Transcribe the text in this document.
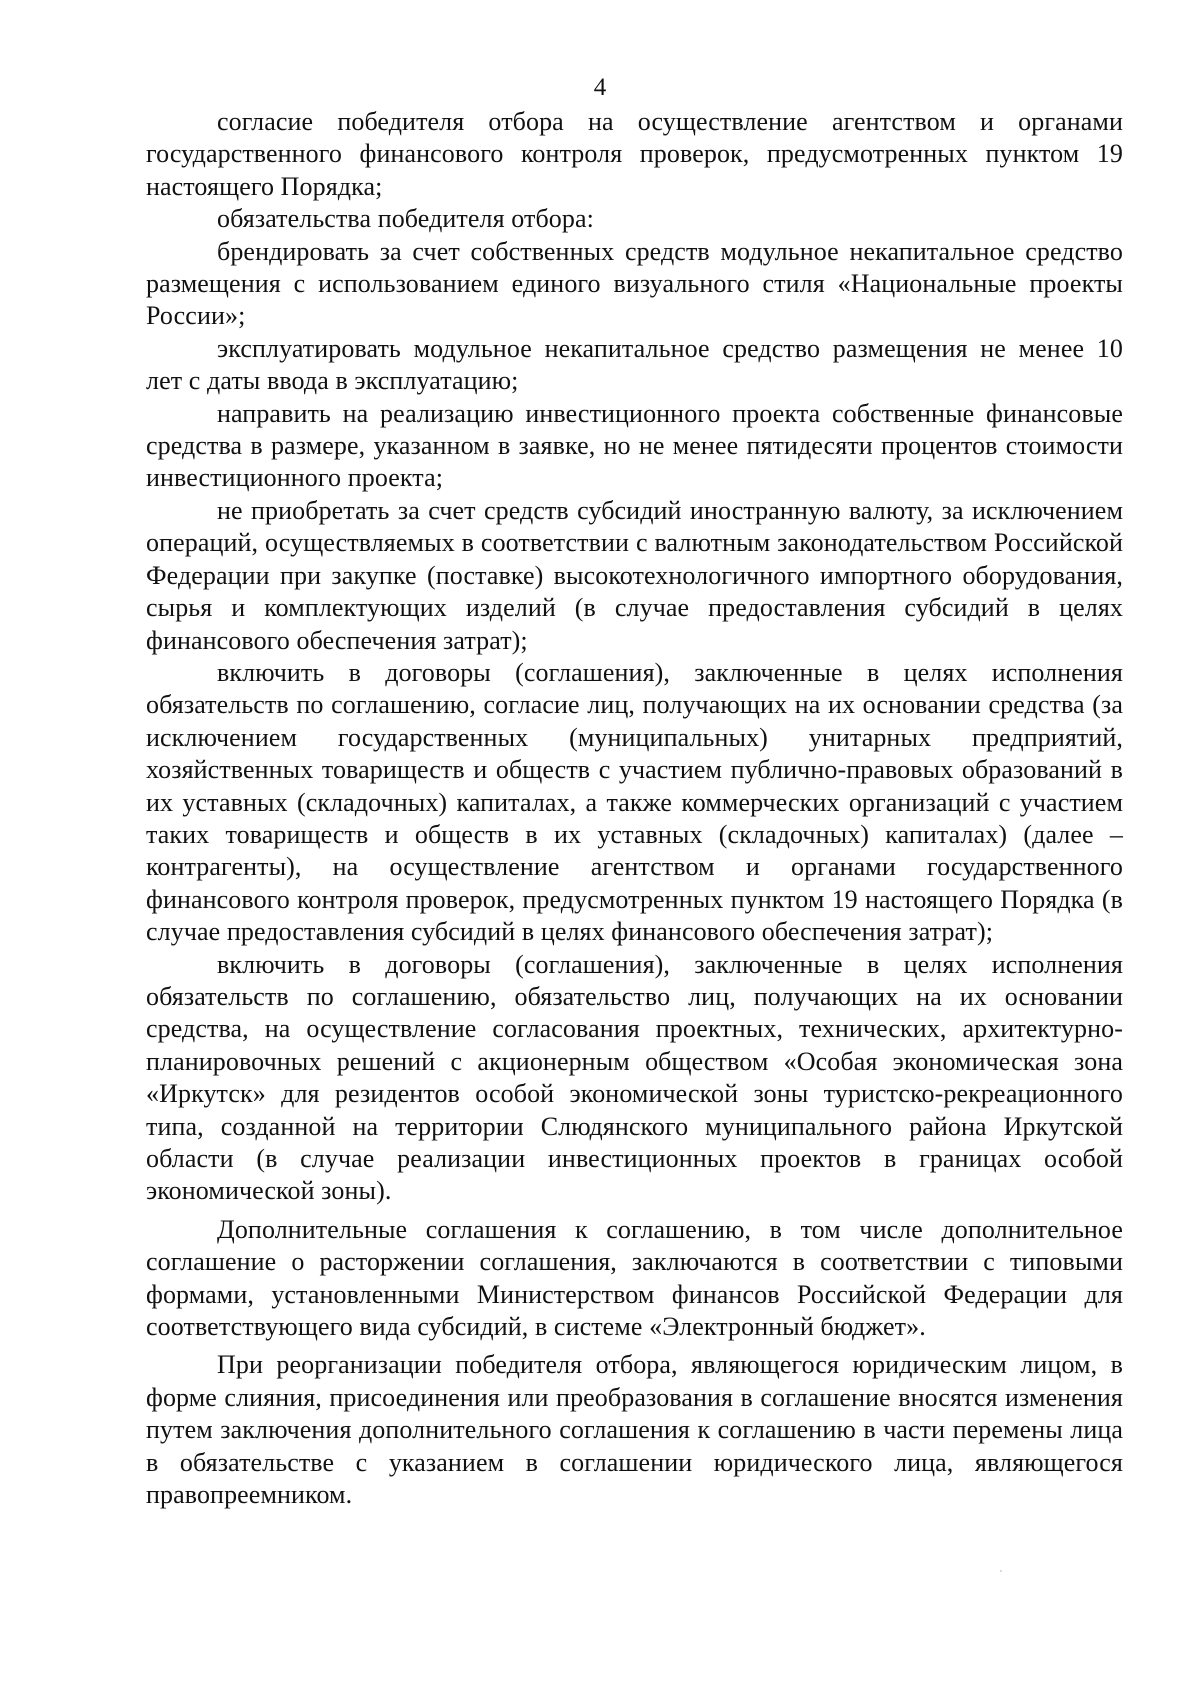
4

согласие победителя отбора на осуществление агентством и органами государственного финансового контроля проверок, предусмотренных пунктом 19 настоящего Порядка;

обязательства победителя отбора:

брендировать за счет собственных средств модульное некапитальное средство размещения с использованием единого визуального стиля «Национальные проекты России»;

эксплуатировать модульное некапитальное средство размещения не менее 10 лет с даты ввода в эксплуатацию;

направить на реализацию инвестиционного проекта собственные финансовые средства в размере, указанном в заявке, но не менее пятидесяти процентов стоимости инвестиционного проекта;

не приобретать за счет средств субсидий иностранную валюту, за исключением операций, осуществляемых в соответствии с валютным законодательством Российской Федерации при закупке (поставке) высокотехнологичного импортного оборудования, сырья и комплектующих изделий (в случае предоставления субсидий в целях финансового обеспечения затрат);

включить в договоры (соглашения), заключенные в целях исполнения обязательств по соглашению, согласие лиц, получающих на их основании средства (за исключением государственных (муниципальных) унитарных предприятий, хозяйственных товариществ и обществ с участием публично-правовых образований в их уставных (складочных) капиталах, а также коммерческих организаций с участием таких товариществ и обществ в их уставных (складочных) капиталах) (далее – контрагенты), на осуществление агентством и органами государственного финансового контроля проверок, предусмотренных пунктом 19 настоящего Порядка (в случае предоставления субсидий в целях финансового обеспечения затрат);

включить в договоры (соглашения), заключенные в целях исполнения обязательств по соглашению, обязательство лиц, получающих на их основании средства, на осуществление согласования проектных, технических, архитектурно-планировочных решений с акционерным обществом «Особая экономическая зона «Иркутск» для резидентов особой экономической зоны туристско-рекреационного типа, созданной на территории Слюдянского муниципального района Иркутской области (в случае реализации инвестиционных проектов в границах особой экономической зоны).

Дополнительные соглашения к соглашению, в том числе дополнительное соглашение о расторжении соглашения, заключаются в соответствии с типовыми формами, установленными Министерством финансов Российской Федерации для соответствующего вида субсидий, в системе «Электронный бюджет».

При реорганизации победителя отбора, являющегося юридическим лицом, в форме слияния, присоединения или преобразования в соглашение вносятся изменения путем заключения дополнительного соглашения к соглашению в части перемены лица в обязательстве с указанием в соглашении юридического лица, являющегося правопреемником.
